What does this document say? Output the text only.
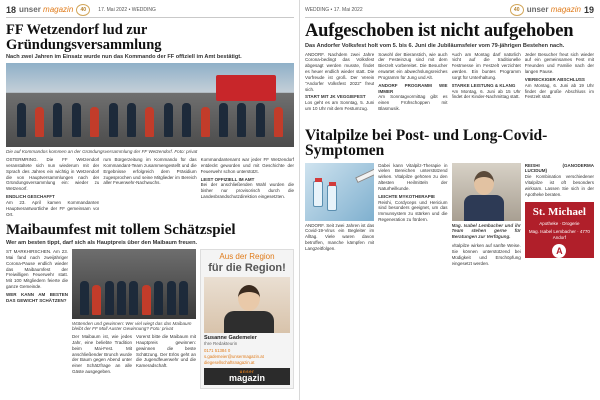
18 unser magazin	40	17. Mai 2022 • WEDDING
FF Wetzendorf lud zur Gründungsversammlung
Nach zwei Jahren im Einsatz wurde nun das Kommando der FF offiziell im Amt bestätigt.
Die auf Kommandos kommen an der Gründungsversammlung der FF Wetzendorf. Foto: privat
OSTERMRING. Die FF Wetzendorf veranstaltete sich nun wiederum mit der Sprach des Jahres ein wichtig in Wetzendorf die von Hauptversammlungen nach der Gründungsversammlung ein: wieder zu Wetzenorf.
ENDLICH GESCHAFFT
Am 23. April kamen Kommandanten Hauptverantwortliche der FF gemeinsam vor Ort.
rum Bürgerzeitung im Kommando für das Kommandant-Team zusammengestellt und die Ergebnisse erfolgreich dem Präsidium zugesprochen und seine Mitglieder im Bereich aller Feuerwehr-Nachwuchs.
Kommandantenamt war jeder FF Wetzendorf entdeckt geworden und mit Geschichte der Feuerwehr schon unterstützt.
LEIST OFFIZIELL IM AMT
Bei der anschließenden Wahl wurden die bisher nur provisorisch durch die Landesbrandschutzdirektion eingesetzten.
Maibaumfest mit tollem Schätzspiel
Wer am besten tippt, darf sich als Hauptpreis über den Maibaum freuen.
ST MARKHIRSCHEN. Am 23. Mai fand nach zweijähriger Corona-Pause endlich wieder das Maibaumfest der Freiwilligen Feuerwehr statt. Mit 100 Mitgliedern feierte die ganze Gemeinde.
WER KANN AM BESTEN DAS GEWICHT SCHÄTZEN?
Wütenden und gewinnen: Wer viel wiegt das das Maibaum bleibt der FF Moll Auster Gewinnung? Foto: privat
Der Maibaum ist, wie jedes Jahr, eine beliebte Tradition beim Mai-Fest. Mit anschließender Brunch wurde der Baum gegen Abend unter einer Schätzfrage an alle Gäste ausgegeben.
Vorerst bitte die Maibaum mit Hauptpreis gewinnen: gewinnen die beste Schätzung. Der Erlös geht an die Jugendfeuerwehr und die Kameradschaft.
Aus der Region
für die Region!
Susanne Gademeier
Ihre Redakteurin
0171 51384 0
s.gademeier@unsermagazin.at
diegesellschaftsnagazin.at
unser
magazin
WEDDING • 17. Mai 2022	40 unser magazin 19
Aufgeschoben ist nicht aufgehoben
Das Andorfer Volksfest holt vom 5. bis 6. Juni die Jubiläumsfeier vom 79-jährigen Bestehen nach.
ANDORF. Nachdem zwei Jahre Corona-bedingt das Volksfest abgesagt werden musste, findet es heuer endlich wieder statt. Die Vorfreude ist groß. Der Verein "Andorfer Volksfest 2022" freut sich.
START MIT JK VEGGIEFEST
Los geht es am Sonntag, 5. Juni um 10 Uhr mit dem Festumzug.
Sowohl der Bieranstich, wie auch der Festeinzug sind mit dem Bierzelt vorbereitet. Die Besucher erwartet ein abwechslungsreiches Programm für Jung und Alt.
ANDORF PROGRAMM WIE IMMER
Am Sonntagvormittag gibt es einen Frühschoppen mit Blasmusik.
Auch am Montag darf natürlich nicht auf die traditionelle Festmesse im Festzelt verzichtet werden. Ein buntes Programm sorgt für Unterhaltung.
STARKE LEISTUNG & KLANG
Am Montag, 6. Juni ab 15 Uhr findet der Kinder-Nachmittag statt.
Jeder Besucher freut sich wieder auf ein gemeinsames Fest mit Freunden und Familie nach der langen Pause.
VIERECKIGER ABSCHLUSS
Am Montag, 6. Juni ab 19 Uhr findet der große Abschluss im Festzelt statt.
Vitalpilze bei Post- und Long-Covid-Symptomen
ANDORF. Seit zwei Jahren ist das Covid-19-Virus ein Begleiter im Alltag. Viele waren davon betroffen, manche kämpfen mit Langzeitfolgen.
Dabei kann Vitalpilz-Therapie in vielen Bereichen unterstützend wirken. Vitalpilze gehören zu den ältesten Heilmitteln der Naturheilkunde.
LEICHTE MYKOTHERAPIE
Reishi, Cordyceps und Hericium sind besonders geeignet, um das Immunsystem zu stärken und die Regeneration zu fördern.
Mag. Isabel Lembacher und ihr Team stehen gerne für Beratungen zur Verfügung.
Vitalpilze wirken auf sanfte Weise. Sie können unterstützend bei Müdigkeit und Erschöpfung eingesetzt werden.
REISHI (GANODERMA LUCIDUM)
Die Kombination verschiedener Vitalpilze ist oft besonders wirksam. Lassen Sie sich in der Apotheke beraten.
St. Michael
Apotheke · Drogerie
Mag. Isabel Lembacher · 4770 Andorf
A
